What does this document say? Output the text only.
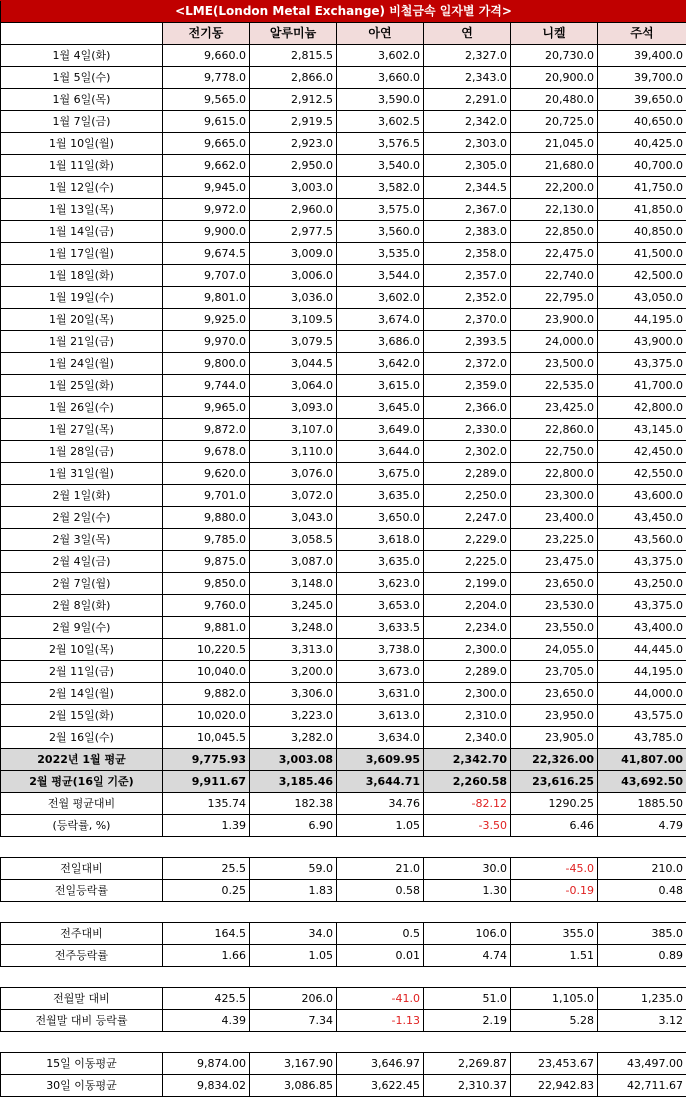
<LME(London Metal Exchange) 비철금속 일자별 가격>						
	전기동	알루미늄	아연	연	니켈	주석
1월 4일(화)	9,660.0	2,815.5	3,602.0	2,327.0	20,730.0	39,400.0
1월 5일(수)	9,778.0	2,866.0	3,660.0	2,343.0	20,900.0	39,700.0
1월 6일(목)	9,565.0	2,912.5	3,590.0	2,291.0	20,480.0	39,650.0
1월 7일(금)	9,615.0	2,919.5	3,602.5	2,342.0	20,725.0	40,650.0
1월 10일(월)	9,665.0	2,923.0	3,576.5	2,303.0	21,045.0	40,425.0
1월 11일(화)	9,662.0	2,950.0	3,540.0	2,305.0	21,680.0	40,700.0
1월 12일(수)	9,945.0	3,003.0	3,582.0	2,344.5	22,200.0	41,750.0
1월 13일(목)	9,972.0	2,960.0	3,575.0	2,367.0	22,130.0	41,850.0
1월 14일(금)	9,900.0	2,977.5	3,560.0	2,383.0	22,850.0	40,850.0
1월 17일(월)	9,674.5	3,009.0	3,535.0	2,358.0	22,475.0	41,500.0
1월 18일(화)	9,707.0	3,006.0	3,544.0	2,357.0	22,740.0	42,500.0
1월 19일(수)	9,801.0	3,036.0	3,602.0	2,352.0	22,795.0	43,050.0
1월 20일(목)	9,925.0	3,109.5	3,674.0	2,370.0	23,900.0	44,195.0
1월 21일(금)	9,970.0	3,079.5	3,686.0	2,393.5	24,000.0	43,900.0
1월 24일(월)	9,800.0	3,044.5	3,642.0	2,372.0	23,500.0	43,375.0
1월 25일(화)	9,744.0	3,064.0	3,615.0	2,359.0	22,535.0	41,700.0
1월 26일(수)	9,965.0	3,093.0	3,645.0	2,366.0	23,425.0	42,800.0
1월 27일(목)	9,872.0	3,107.0	3,649.0	2,330.0	22,860.0	43,145.0
1월 28일(금)	9,678.0	3,110.0	3,644.0	2,302.0	22,750.0	42,450.0
1월 31일(월)	9,620.0	3,076.0	3,675.0	2,289.0	22,800.0	42,550.0
2월 1일(화)	9,701.0	3,072.0	3,635.0	2,250.0	23,300.0	43,600.0
2월 2일(수)	9,880.0	3,043.0	3,650.0	2,247.0	23,400.0	43,450.0
2월 3일(목)	9,785.0	3,058.5	3,618.0	2,229.0	23,225.0	43,560.0
2월 4일(금)	9,875.0	3,087.0	3,635.0	2,225.0	23,475.0	43,375.0
2월 7일(월)	9,850.0	3,148.0	3,623.0	2,199.0	23,650.0	43,250.0
2월 8일(화)	9,760.0	3,245.0	3,653.0	2,204.0	23,530.0	43,375.0
2월 9일(수)	9,881.0	3,248.0	3,633.5	2,234.0	23,550.0	43,400.0
2월 10일(목)	10,220.5	3,313.0	3,738.0	2,300.0	24,055.0	44,445.0
2월 11일(금)	10,040.0	3,200.0	3,673.0	2,289.0	23,705.0	44,195.0
2월 14일(월)	9,882.0	3,306.0	3,631.0	2,300.0	23,650.0	44,000.0
2월 15일(화)	10,020.0	3,223.0	3,613.0	2,310.0	23,950.0	43,575.0
2월 16일(수)	10,045.5	3,282.0	3,634.0	2,340.0	23,905.0	43,785.0
2022년 1월 평균	9,775.93	3,003.08	3,609.95	2,342.70	22,326.00	41,807.00
2월 평균(16일 기준)	9,911.67	3,185.46	3,644.71	2,260.58	23,616.25	43,692.50
전월 평균대비	135.74	182.38	34.76	-82.12	1290.25	1885.50
(등락률, %)	1.39	6.90	1.05	-3.50	6.46	4.79

전일대비	25.5	59.0	21.0	30.0	-45.0	210.0
전일등락률	0.25	1.83	0.58	1.30	-0.19	0.48

전주대비	164.5	34.0	0.5	106.0	355.0	385.0
전주등락률	1.66	1.05	0.01	4.74	1.51	0.89

전월말 대비	425.5	206.0	-41.0	51.0	1,105.0	1,235.0
전월말 대비 등락률	4.39	7.34	-1.13	2.19	5.28	3.12

15일 이동평균	9,874.00	3,167.90	3,646.97	2,269.87	23,453.67	43,497.00
30일 이동평균	9,834.02	3,086.85	3,622.45	2,310.37	22,942.83	42,711.67
